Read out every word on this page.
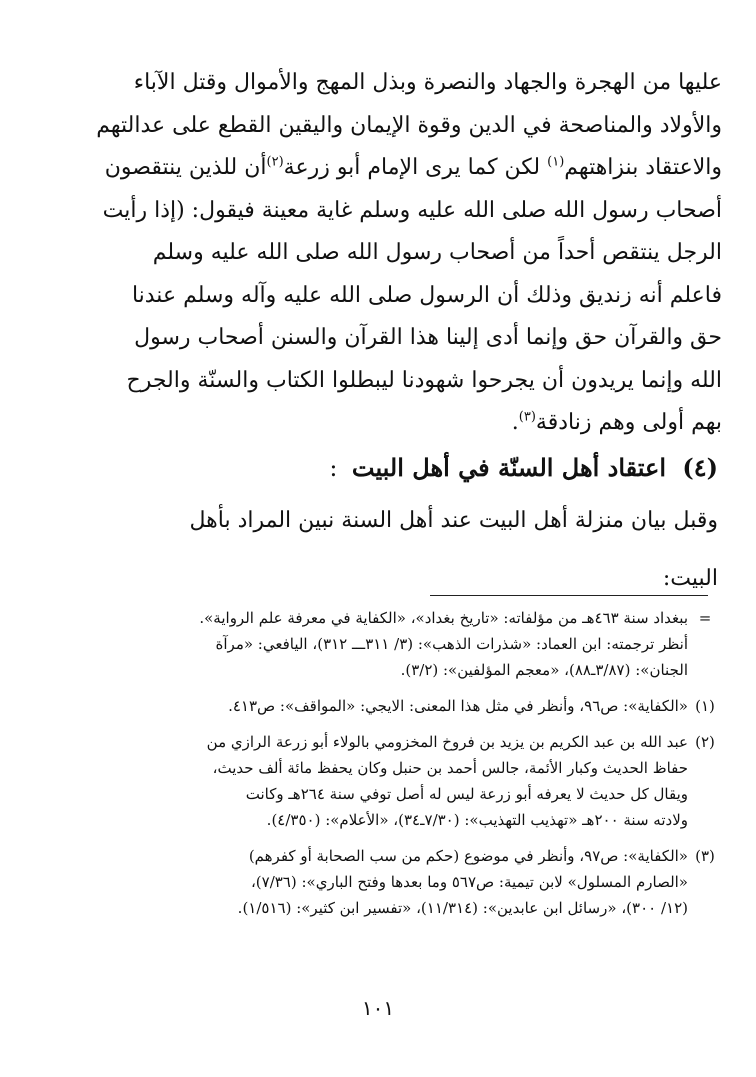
عليها من الهجرة والجهاد والنصرة وبذل المهج والأموال وقتل الآباء

والأولاد والمناصحة في الدين وقوة الإيمان واليقين القطع على عدالتهم

والاعتقاد بنزاهتهم$^{(١)}$ لكن كما يرى الإمام أبو زرعة$^{(٢)}$أن للذين ينتقصون

أصحاب رسول الله صلى الله عليه وسلم غاية معينة فيقول: (إذا رأيت

الرجل ينتقص أحداً من أصحاب رسول الله صلى الله عليه وسلم

فاعلم أنه زنديق وذلك أن الرسول صلى الله عليه وآله وسلم عندنا

حق والقرآن حق وإنما أدى إلينا هذا القرآن والسنن أصحاب رسول

الله وإنما يريدون أن يجرحوا شهودنا ليبطلوا الكتاب والسنّة والجرح

بهم أولى وهم زنادقة$^{(٣)}$.

(٤) اعتقاد أهل السنّة في أهل البيت :
وقبل بيان منزلة أهل البيت عند أهل السنة نبين المراد بأهل
البيت:
=
ببغداد سنة ٤٦٣هـ من مؤلفاته: «تاريخ بغداد»، «الكفاية في معرفة علم الرواية».
أنظر ترجمته: ابن العماد: «شذرات الذهب»: (٣/ ٣١١ـــ ٣١٢)، اليافعي: «مرآة
الجنان»: (٣/٨٧ـ٨٨)، «معجم المؤلفين»: (٣/٢).
(١)
«الكفاية»: ص٩٦، وأنظر في مثل هذا المعنى: الايجي: «المواقف»: ص٤١٣.
(٢)
عبد الله بن عبد الكريم بن يزيد بن فروخ المخزومي بالولاء أبو زرعة الرازي من
حفاظ الحديث وكبار الأئمة، جالس أحمد بن حنبل وكان يحفظ مائة ألف حديث،
ويقال كل حديث لا يعرفه أبو زرعة ليس له أصل توفي سنة ٢٦٤هـ وكانت
ولادته سنة ٢٠٠هـ «تهذيب التهذيب»: (٧/٣٠ـ٣٤)، «الأعلام»: (٤/٣٥٠).
(٣)
«الكفاية»: ص٩٧، وأنظر في موضوع (حكم من سب الصحابة أو كفرهم)
«الصارم المسلول» لابن تيمية: ص٥٦٧ وما بعدها وفتح الباري»: (٧/٣٦)،
(١٢/ ٣٠٠)، «رسائل ابن عابدين»: (١١/٣١٤)، «تفسير ابن كثير»: (١/٥١٦).
١٠١
